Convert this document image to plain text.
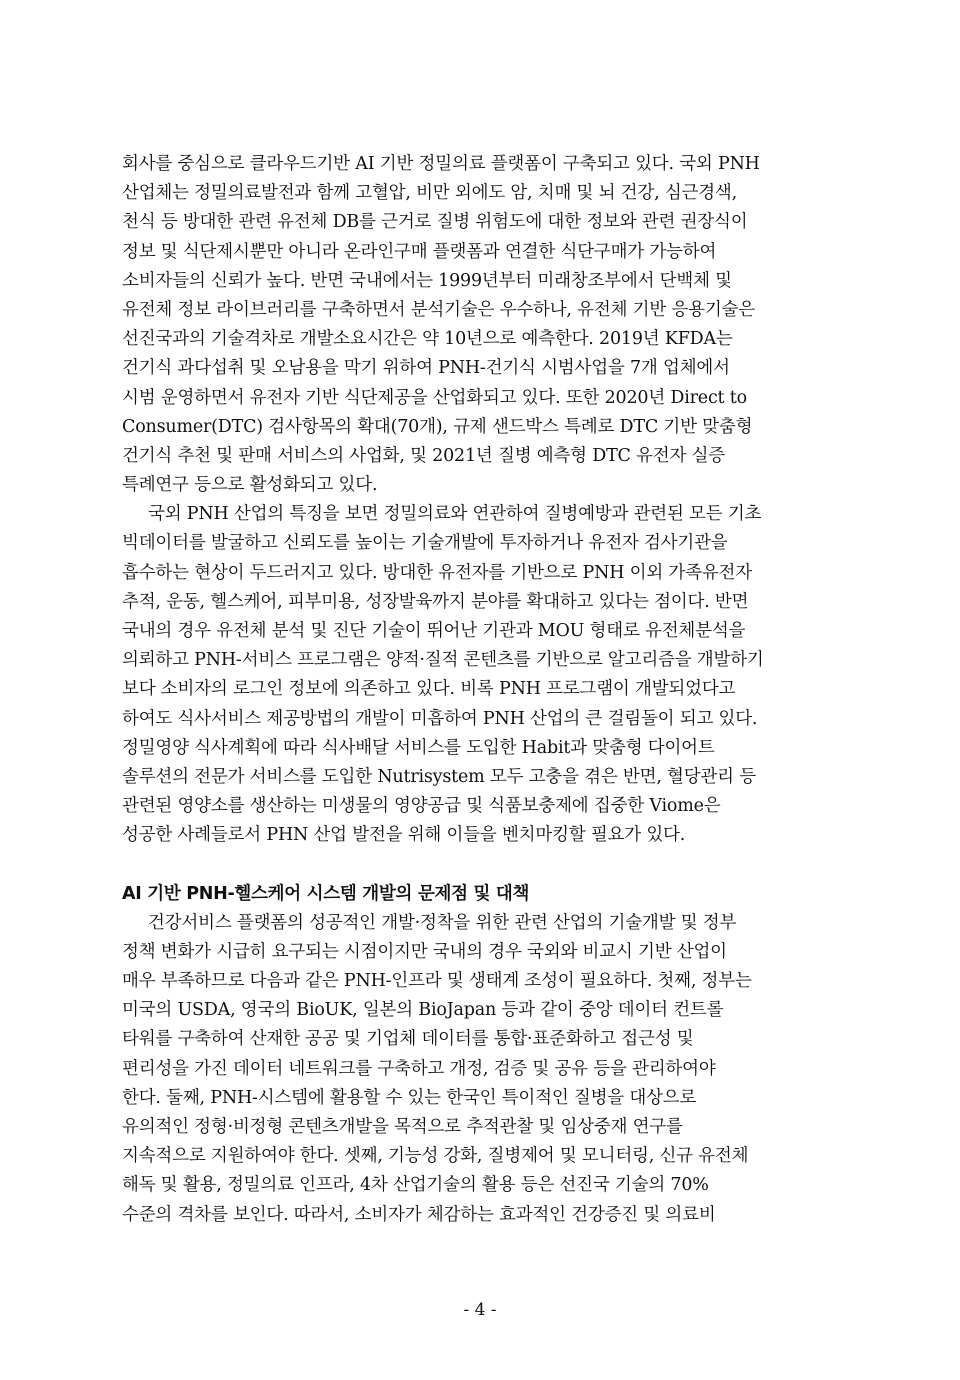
회사를 중심으로 클라우드기반 AI 기반 정밀의료 플랫폼이 구축되고 있다. 국외 PNH
산업체는 정밀의료발전과 함께 고혈압, 비만 외에도 암, 치매 및 뇌 건강, 심근경색,
천식 등 방대한 관련 유전체 DB를 근거로 질병 위험도에 대한 정보와 관련 권장식이
정보 및 식단제시뿐만 아니라 온라인구매 플랫폼과 연결한 식단구매가 가능하여
소비자들의 신뢰가 높다. 반면 국내에서는 1999년부터 미래창조부에서 단백체 및
유전체 정보 라이브러리를 구축하면서 분석기술은 우수하나, 유전체 기반 응용기술은
선진국과의 기술격차로 개발소요시간은 약 10년으로 예측한다. 2019년 KFDA는
건기식 과다섭취 및 오남용을 막기 위하여 PNH-건기식 시범사업을 7개 업체에서
시범 운영하면서 유전자 기반 식단제공을 산업화되고 있다. 또한 2020년 Direct to
Consumer(DTC) 검사항목의 확대(70개), 규제 샌드박스 특례로 DTC 기반 맞춤형
건기식 추천 및 판매 서비스의 사업화, 및 2021년 질병 예측형 DTC 유전자 실증
특례연구 등으로 활성화되고 있다.
국외 PNH 산업의 특징을 보면 정밀의료와 연관하여 질병예방과 관련된 모든 기초
빅데이터를 발굴하고 신뢰도를 높이는 기술개발에 투자하거나 유전자 검사기관을
흡수하는 현상이 두드러지고 있다. 방대한 유전자를 기반으로 PNH 이외 가족유전자
추적, 운동, 헬스케어, 피부미용, 성장발육까지 분야를 확대하고 있다는 점이다. 반면
국내의 경우 유전체 분석 및 진단 기술이 뛰어난 기관과 MOU 형태로 유전체분석을
의뢰하고 PNH-서비스 프로그램은 양적·질적 콘텐츠를 기반으로 알고리즘을 개발하기
보다 소비자의 로그인 정보에 의존하고 있다. 비록 PNH 프로그램이 개발되었다고
하여도 식사서비스 제공방법의 개발이 미흡하여 PNH 산업의 큰 걸림돌이 되고 있다.
정밀영양 식사계획에 따라 식사배달 서비스를 도입한 Habit과 맞춤형 다이어트
솔루션의 전문가 서비스를 도입한 Nutrisystem 모두 고충을 겪은 반면, 혈당관리 등
관련된 영양소를 생산하는 미생물의 영양공급 및 식품보충제에 집중한 Viome은
성공한 사례들로서 PHN 산업 발전을 위해 이들을 벤치마킹할 필요가 있다.
AI 기반 PNH-헬스케어 시스템 개발의 문제점 및 대책
건강서비스 플랫폼의 성공적인 개발·정착을 위한 관련 산업의 기술개발 및 정부
정책 변화가 시급히 요구되는 시점이지만 국내의 경우 국외와 비교시 기반 산업이
매우 부족하므로 다음과 같은 PNH-인프라 및 생태계 조성이 필요하다. 첫째, 정부는
미국의 USDA, 영국의 BioUK, 일본의 BioJapan 등과 같이 중앙 데이터 컨트롤
타워를 구축하여 산재한 공공 및 기업체 데이터를 통합·표준화하고 접근성 및
편리성을 가진 데이터 네트워크를 구축하고 개정, 검증 및 공유 등을 관리하여야
한다. 둘째, PNH-시스템에 활용할 수 있는 한국인 특이적인 질병을 대상으로
유의적인 정형·비정형 콘텐츠개발을 목적으로 추적관찰 및 임상중재 연구를
지속적으로 지원하여야 한다. 셋째, 기능성 강화, 질병제어 및 모니터링, 신규 유전체
해독 및 활용, 정밀의료 인프라, 4차 산업기술의 활용 등은 선진국 기술의 70%
수준의 격차를 보인다. 따라서, 소비자가 체감하는 효과적인 건강증진 및 의료비
- 4 -
